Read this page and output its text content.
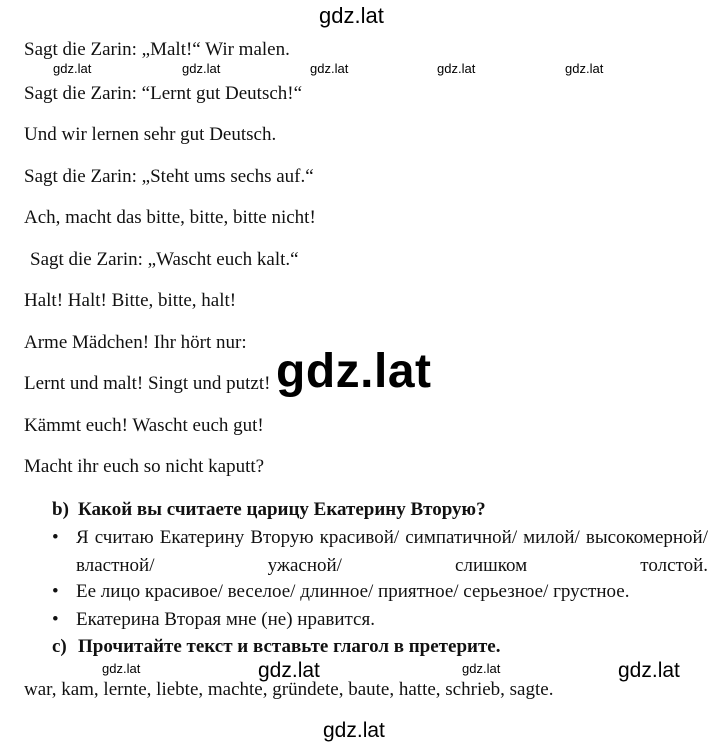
gdz.lat
Sagt die Zarin: „Malt!“ Wir malen.
gdz.lat	gdz.lat	gdz.lat	gdz.lat	gdz.lat
Sagt die Zarin: “Lernt gut Deutsch!“
Und wir lernen sehr gut Deutsch.
Sagt die Zarin: „Steht ums sechs auf.“
Ach, macht das bitte, bitte, bitte nicht!
Sagt die Zarin: „Wascht euch kalt.“
Halt! Halt! Bitte, bitte, halt!
Arme Mädchen! Ihr hört nur:
Lernt und malt! Singt und putzt! gdz.lat
Kämmt euch! Wascht euch gut!
Macht ihr euch so nicht kaputt?
b) Какой вы считаете царицу Екатерину Вторую?
• Я считаю Екатерину Вторую красивой/ симпатичной/ милой/ высокомерной/ властной/ ужасной/ слишком толстой.
• Ее лицо красивое/ веселое/ длинное/ приятное/ серьезное/ грустное.
• Екатерина Вторая мне (не) нравится.
c) Прочитайте текст и вставьте глагол в претерите.
gdz.lat	gdz.lat	gdz.lat	gdz.lat
war, kam, lernte, liebte, machte, gründete, baute, hatte, schrieb, sagte.
gdz.lat
